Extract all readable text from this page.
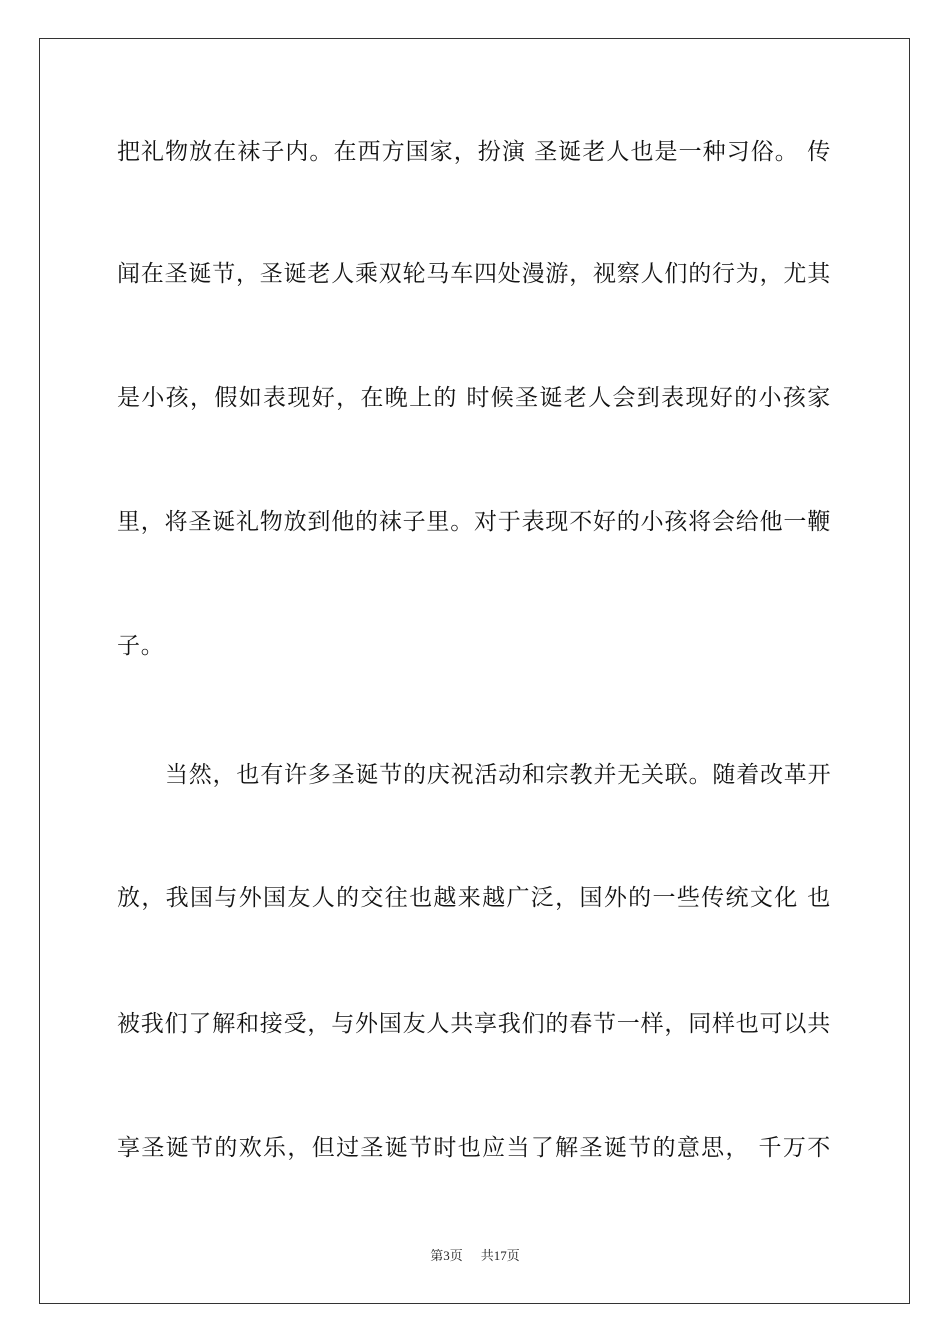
把礼物放在袜子内。在西方国家，扮演 圣诞老人也是一种习俗。 传
闻在圣诞节，圣诞老人乘双轮马车四处漫游，视察人们的行为，尤其
是小孩，假如表现好，在晚上的 时候圣诞老人会到表现好的小孩家
里，将圣诞礼物放到他的袜子里。对于表现不好的小孩将会给他一鞭
子。
当然，也有许多圣诞节的庆祝活动和宗教并无关联。随着改革开
放，我国与外国友人的交往也越来越广泛，国外的一些传统文化 也
被我们了解和接受，与外国友人共享我们的春节一样，同样也可以共
享圣诞节的欢乐，但过圣诞节时也应当了解圣诞节的意思， 千万不
第3页 共17页
